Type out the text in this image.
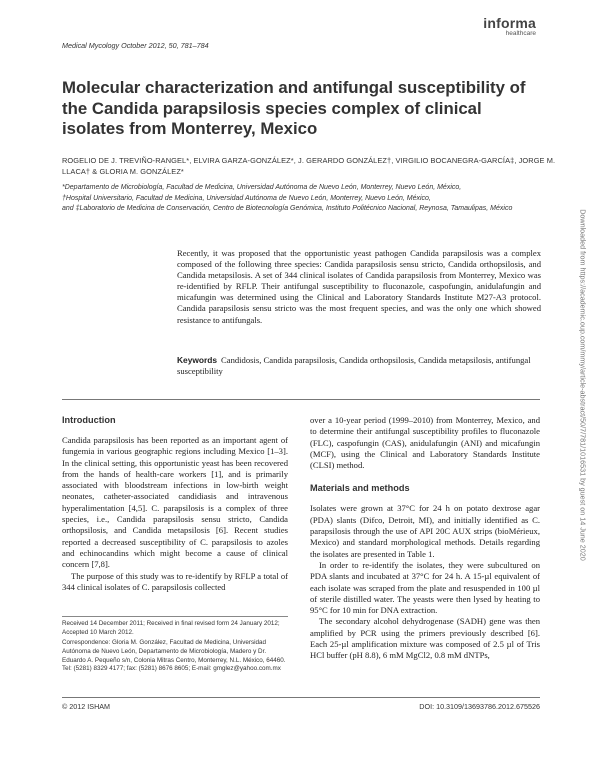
Medical Mycology October 2012, 50, 781–784
informa
healthcare
Molecular characterization and antifungal susceptibility of the Candida parapsilosis species complex of clinical isolates from Monterrey, Mexico
ROGELIO DE J. TREVIÑO-RANGEL*, ELVIRA GARZA-GONZÁLEZ*, J. GERARDO GONZÁLEZ†, VIRGILIO BOCANEGRA-GARCÍA‡, JORGE M. LLACA† & GLORIA M. GONZÁLEZ*
*Departamento de Microbiología, Facultad de Medicina, Universidad Autónoma de Nuevo León, Monterrey, Nuevo León, México,
†Hospital Universitario, Facultad de Medicina, Universidad Autónoma de Nuevo León, Monterrey, Nuevo León, México,
and ‡Laboratorio de Medicina de Conservación, Centro de Biotecnología Genómica, Instituto Politécnico Nacional, Reynosa, Tamaulipas, México

Recently, it was proposed that the opportunistic yeast pathogen Candida parapsilosis was a complex composed of the following three species: Candida parapsilosis sensu stricto, Candida orthopsilosis, and Candida metapsilosis. A set of 344 clinical isolates of Candida parapsilosis from Monterrey, Mexico was re-identified by RFLP. Their antifungal susceptibility to fluconazole, caspofungin, anidulafungin and micafungin was determined using the Clinical and Laboratory Standards Institute M27-A3 protocol. Candida parapsilosis sensu stricto was the most frequent species, and was the only one which showed resistance to antifungals.

Keywords Candidosis, Candida parapsilosis, Candida orthopsilosis, Candida metapsilosis, antifungal susceptibility

Introduction

Candida parapsilosis has been reported as an important agent of fungemia in various geographic regions including Mexico [1–3]. In the clinical setting, this opportunistic yeast has been recovered from the hands of health-care workers [1], and is primarily associated with bloodstream infections in low-birth weight neonates, catheter-associated candidiasis and intravenous hyperalimentation [4,5]. C. parapsilosis is a complex of three species, i.e., Candida parapsilosis sensu stricto, Candida orthopsilosis, and Candida metapsilosis [6]. Recent studies reported a decreased susceptibility of C. parapsilosis to azoles and echinocandins which might become a cause of clinical concern [7,8].

The purpose of this study was to re-identify by RFLP a total of 344 clinical isolates of C. parapsilosis collected

Received 14 December 2011; Received in final revised form 24 January 2012; Accepted 10 March 2012.

Correspondence: Gloria M. González, Facultad de Medicina, Universidad Autónoma de Nuevo León, Departamento de Microbiología, Madero y Dr. Eduardo A. Pequeño s/n, Colonia Mitras Centro, Monterrey, N.L. México, 64460. Tel: (5281) 8329 4177; fax: (5281) 8676 8605; E-mail: gmglez@yahoo.com.mx

over a 10-year period (1999–2010) from Monterrey, Mexico, and to determine their antifungal susceptibility profiles to fluconazole (FLC), caspofungin (CAS), anidulafungin (ANI) and micafungin (MCF), using the Clinical and Laboratory Standards Institute (CLSI) method.

Materials and methods

Isolates were grown at 37°C for 24 h on potato dextrose agar (PDA) slants (Difco, Detroit, MI), and initially identified as C. parapsilosis through the use of API 20C AUX strips (bioMérieux, Mexico) and standard morphological methods. Details regarding the isolates are presented in Table 1.

In order to re-identify the isolates, they were subcultured on PDA slants and incubated at 37°C for 24 h. A 15-µl equivalent of each isolate was scraped from the plate and resuspended in 100 µl of sterile distilled water. The yeasts were then lysed by heating to 95°C for 10 min for DNA extraction.

The secondary alcohol dehydrogenase (SADH) gene was then amplified by PCR using the primers previously described [6]. Each 25-µl amplification mixture was composed of 2.5 µl of Tris HCl buffer (pH 8.8), 6 mM MgCl2, 0.8 mM dNTPs,

© 2012 ISHAM	DOI: 10.3109/13693786.2012.675526
Downloaded from https://academic.oup.com/mmy/article-abstract/50/7/781/1016531 by guest on 14 June 2020
